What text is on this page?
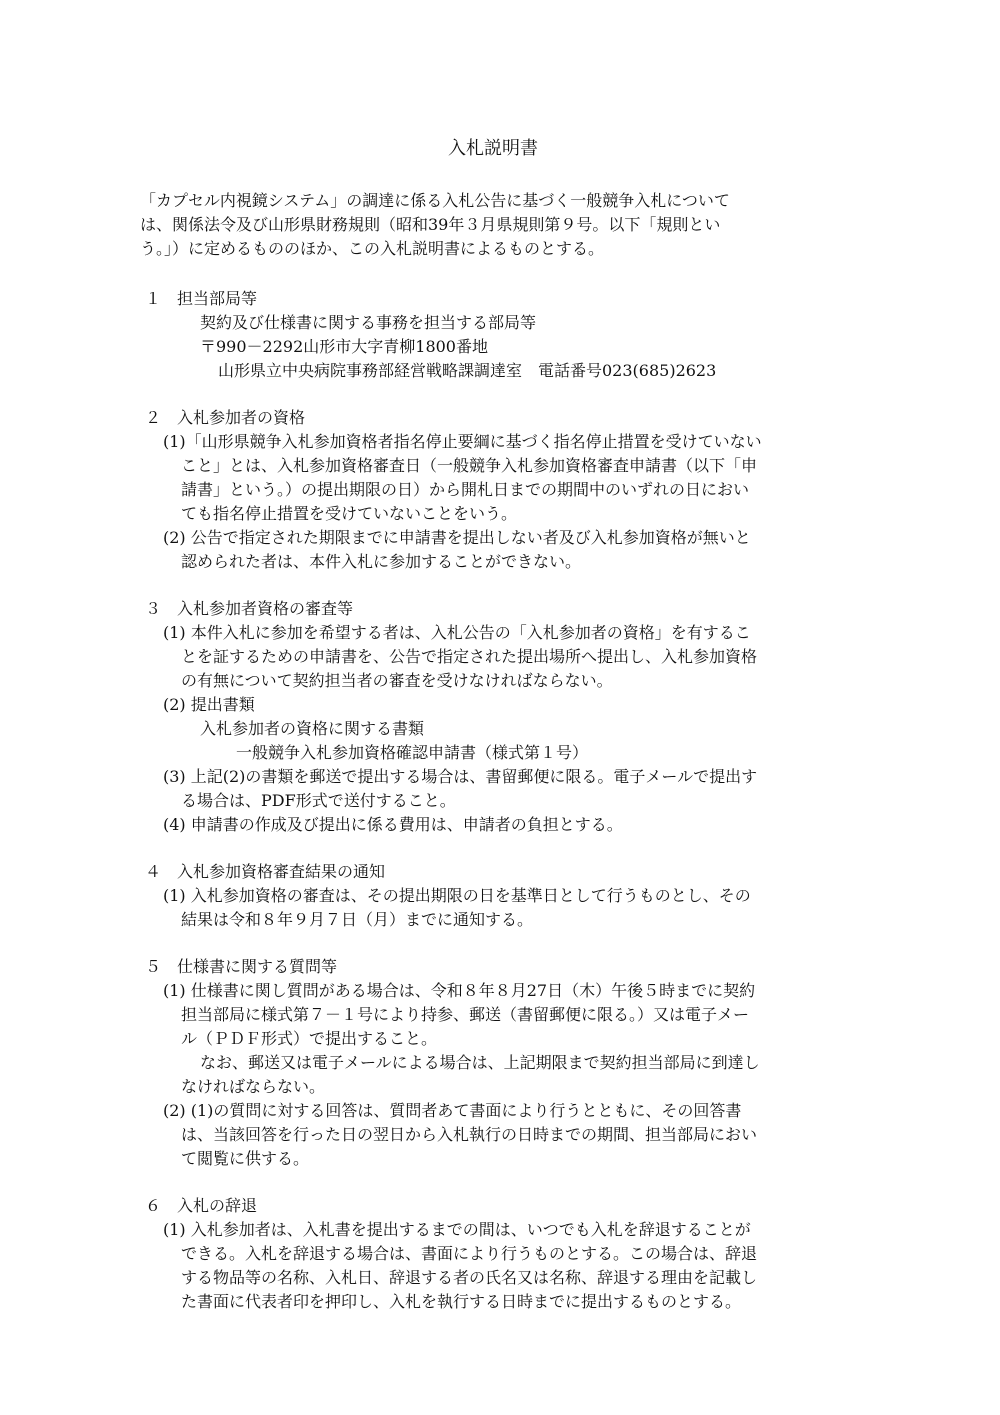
入札説明書
「カプセル内視鏡システム」の調達に係る入札公告に基づく一般競争入札について
は、関係法令及び山形県財務規則（昭和39年３月県規則第９号。以下「規則とい
う。」）に定めるもののほか、この入札説明書によるものとする。
１　担当部局等
契約及び仕様書に関する事務を担当する部局等
〒990－2292山形市大字青柳1800番地
山形県立中央病院事務部経営戦略課調達室　電話番号023(685)2623
２　入札参加者の資格
(1)「山形県競争入札参加資格者指名停止要綱に基づく指名停止措置を受けていない
こと」とは、入札参加資格審査日（一般競争入札参加資格審査申請書（以下「申
請書」という。）の提出期限の日）から開札日までの期間中のいずれの日におい
ても指名停止措置を受けていないことをいう。
(2) 公告で指定された期限までに申請書を提出しない者及び入札参加資格が無いと
認められた者は、本件入札に参加することができない。
３　入札参加者資格の審査等
(1) 本件入札に参加を希望する者は、入札公告の「入札参加者の資格」を有するこ
とを証するための申請書を、公告で指定された提出場所へ提出し、入札参加資格
の有無について契約担当者の審査を受けなければならない。
(2) 提出書類
入札参加者の資格に関する書類
一般競争入札参加資格確認申請書（様式第１号）
(3) 上記(2)の書類を郵送で提出する場合は、書留郵便に限る。電子メールで提出す
る場合は、PDF形式で送付すること。
(4) 申請書の作成及び提出に係る費用は、申請者の負担とする。
４　入札参加資格審査結果の通知
(1) 入札参加資格の審査は、その提出期限の日を基準日として行うものとし、その
結果は令和８年９月７日（月）までに通知する。
５　仕様書に関する質問等
(1) 仕様書に関し質問がある場合は、令和８年８月27日（木）午後５時までに契約
担当部局に様式第７－１号により持参、郵送（書留郵便に限る。）又は電子メー
ル（ＰＤＦ形式）で提出すること。
なお、郵送又は電子メールによる場合は、上記期限まで契約担当部局に到達し
なければならない。
(2) (1)の質問に対する回答は、質問者あて書面により行うとともに、その回答書
は、当該回答を行った日の翌日から入札執行の日時までの期間、担当部局におい
て閲覧に供する。
６　入札の辞退
(1) 入札参加者は、入札書を提出するまでの間は、いつでも入札を辞退することが
できる。入札を辞退する場合は、書面により行うものとする。この場合は、辞退
する物品等の名称、入札日、辞退する者の氏名又は名称、辞退する理由を記載し
た書面に代表者印を押印し、入札を執行する日時までに提出するものとする。
